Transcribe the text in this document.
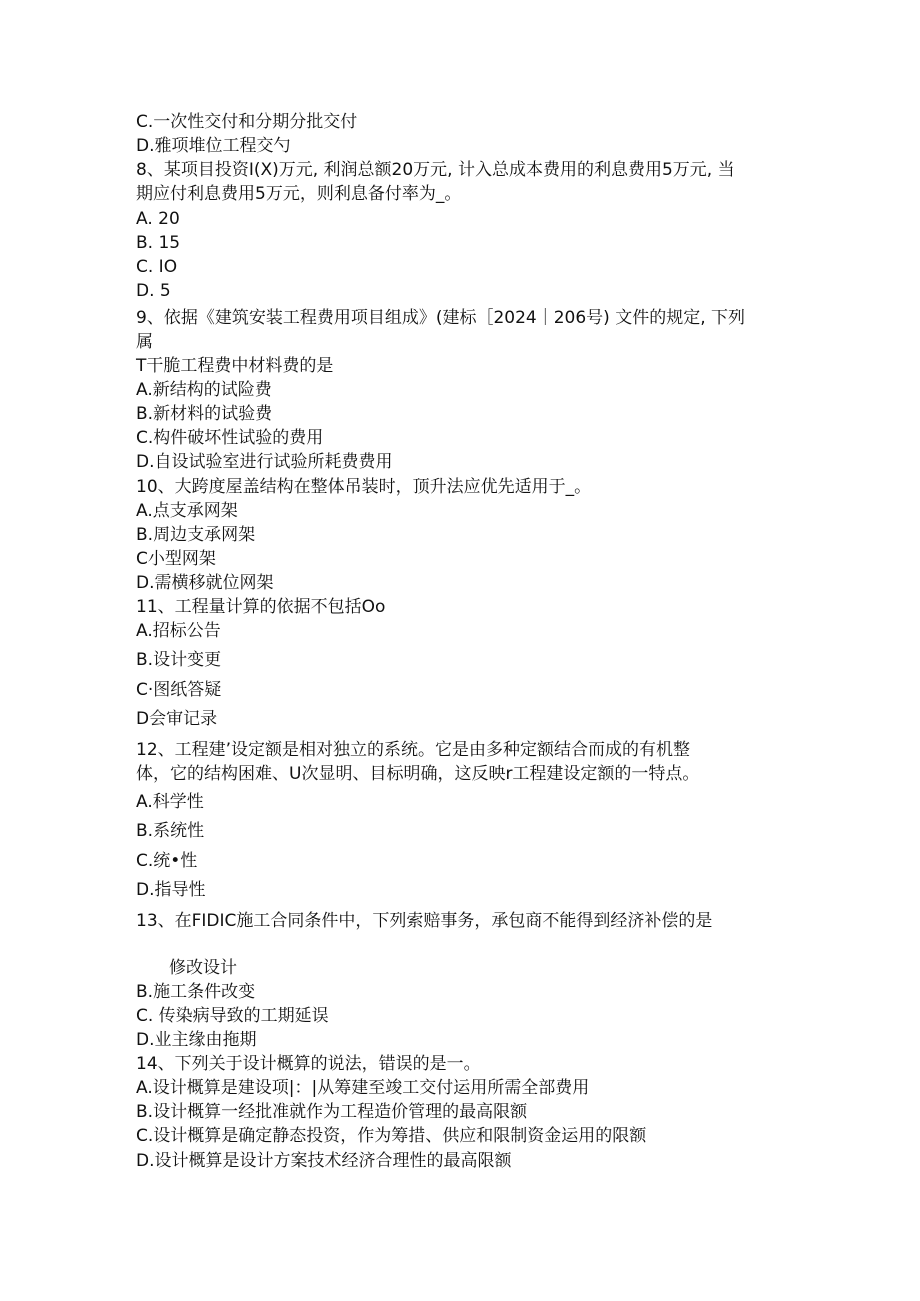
C.一次性交付和分期分批交付
D.雅项堆位工程交勺
8、某项目投资I(X)万元, 利润总额20万元, 计入总成本费用的利息费用5万元, 当
期应付利息费用5万元，则利息备付率为_。
A. 20
B. 15
C. IO
D. 5
9、依据《建筑安装工程费用项目组成》(建标［2024｜206号) 文件的规定, 下列
属
T干脆工程费中材料费的是
A.新结构的试险费
B.新材料的试验费
C.构件破坏性试验的费用
D.自设试验室进行试验所耗费费用
10、大跨度屋盖结构在整体吊装时，顶升法应优先适用于_。
A.点支承网架
B.周边支承网架
C小型网架
D.需横移就位网架
11、工程量计算的依据不包括Oo
A.招标公告
B.设计变更
C·图纸答疑
D会审记录
12、工程建’设定额是相对独立的系统。它是由多种定额结合而成的有机整
体，它的结构困难、U次显明、目标明确，这反映r工程建设定额的一特点。
A.科学性
B.系统性
C.统•性
D.指导性
13、在FIDIC施工合同条件中，下列索赔事务，承包商不能得到经济补偿的是
修改设计
B.施工条件改变
C. 传染病导致的工期延误
D.业主缘由拖期
14、下列关于设计概算的说法，错误的是一。
A.设计概算是建设项|：|从筹建至竣工交付运用所需全部费用
B.设计概算一经批准就作为工程造价管理的最高限额
C.设计概算是确定静态投资，作为筹措、供应和限制资金运用的限额
D.设计概算是设计方案技术经济合理性的最高限额
